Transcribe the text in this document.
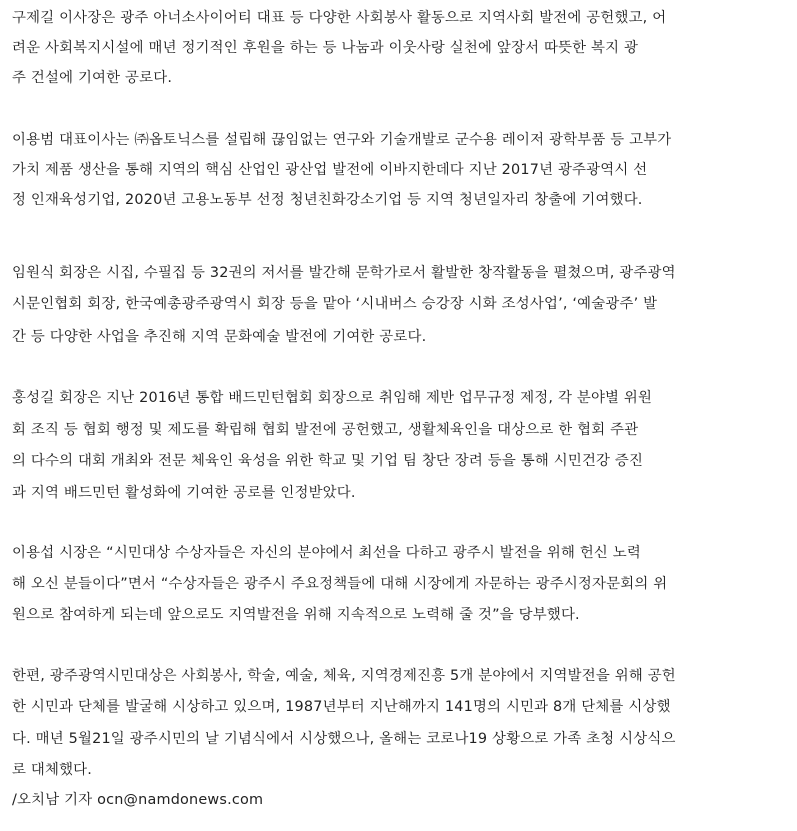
구제길 이사장은 광주 아너소사이어티 대표 등 다양한 사회봉사 활동으로 지역사회 발전에 공헌했고, 어
려운 사회복지시설에 매년 정기적인 후원을 하는 등 나눔과 이웃사랑 실천에 앞장서 따뜻한 복지 광
주 건설에 기여한 공로다.
이용범 대표이사는 ㈜옵토닉스를 설립해 끊임없는 연구와 기술개발로 군수용 레이저 광학부품 등 고부가
가치 제품 생산을 통해 지역의 핵심 산업인 광산업 발전에 이바지한데다 지난 2017년 광주광역시 선
정 인재육성기업, 2020년 고용노동부 선정 청년친화강소기업 등 지역 청년일자리 창출에 기여했다.
임원식 회장은 시집, 수필집 등 32권의 저서를 발간해 문학가로서 활발한 창작활동을 펼쳤으며, 광주광역
시문인협회 회장, 한국예총광주광역시 회장 등을 맡아 ‘시내버스 승강장 시화 조성사업’, ‘예술광주’ 발
간 등 다양한 사업을 추진해 지역 문화예술 발전에 기여한 공로다.
홍성길 회장은 지난 2016년 통합 배드민턴협회 회장으로 취임해 제반 업무규정 제정, 각 분야별 위원
회 조직 등 협회 행정 및 제도를 확립해 협회 발전에 공헌했고, 생활체육인을 대상으로 한 협회 주관
의 다수의 대회 개최와 전문 체육인 육성을 위한 학교 및 기업 팀 창단 장려 등을 통해 시민건강 증진
과 지역 배드민턴 활성화에 기여한 공로를 인정받았다.
이용섭 시장은 “시민대상 수상자들은 자신의 분야에서 최선을 다하고 광주시 발전을 위해 헌신 노력
해 오신 분들이다”면서 “수상자들은 광주시 주요정책들에 대해 시장에게 자문하는 광주시정자문회의 위
원으로 참여하게 되는데 앞으로도 지역발전을 위해 지속적으로 노력해 줄 것”을 당부했다.
한편, 광주광역시민대상은 사회봉사, 학술, 예술, 체육, 지역경제진흥 5개 분야에서 지역발전을 위해 공헌
한 시민과 단체를 발굴해 시상하고 있으며, 1987년부터 지난해까지 141명의 시민과 8개 단체를 시상했
다. 매년 5월21일 광주시민의 날 기념식에서 시상했으나, 올해는 코로나19 상황으로 가족 초청 시상식으
로 대체했다.
/오치남 기자 ocn@namdonews.com
